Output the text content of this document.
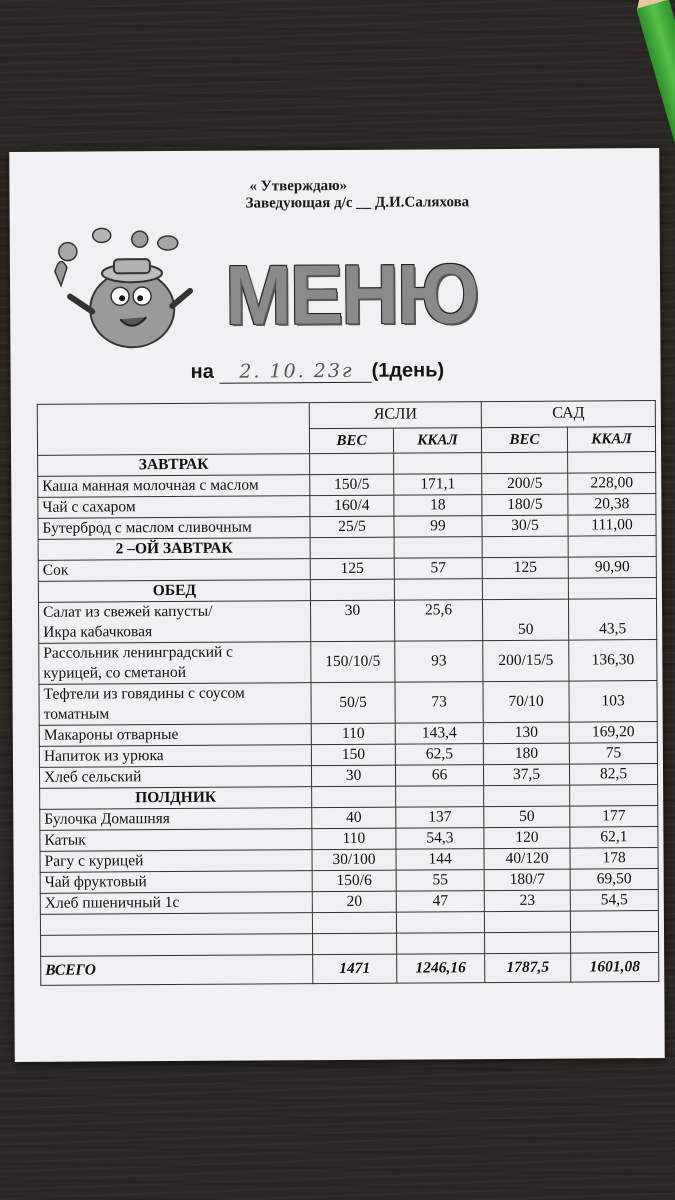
« Утверждаю»
Заведующая д/с __ Д.И.Саляхова
МЕНЮ
на 2. 10. 23г (1день)
	ЯСЛИ		САД	
	ВЕС	ККАЛ	ВЕС	ККАЛ
ЗАВТРАК				
Каша манная молочная с маслом	150/5	171,1	200/5	228,00
Чай с сахаром	160/4	18	180/5	20,38
Бутерброд с маслом сливочным	25/5	99	30/5	111,00
2 –ОЙ ЗАВТРАК				
Сок	125	57	125	90,90
ОБЕД				
Салат из свежей капусты/
Икра кабачковая	30	25,6	50	43,5
Рассольник ленинградский с
курицей, со сметаной	150/10/5	93	200/15/5	136,30
Тефтели из говядины с соусом
томатным	50/5	73	70/10	103
Макароны отварные	110	143,4	130	169,20
Напиток из урюка	150	62,5	180	75
Хлеб сельский	30	66	37,5	82,5
ПОЛДНИК				
Булочка Домашняя	40	137	50	177
Катык	110	54,3	120	62,1
Рагу с курицей	30/100	144	40/120	178
Чай фруктовый	150/6	55	180/7	69,50
Хлеб пшеничный 1с	20	47	23	54,5

ВСЕГО	1471	1246,16	1787,5	1601,08
